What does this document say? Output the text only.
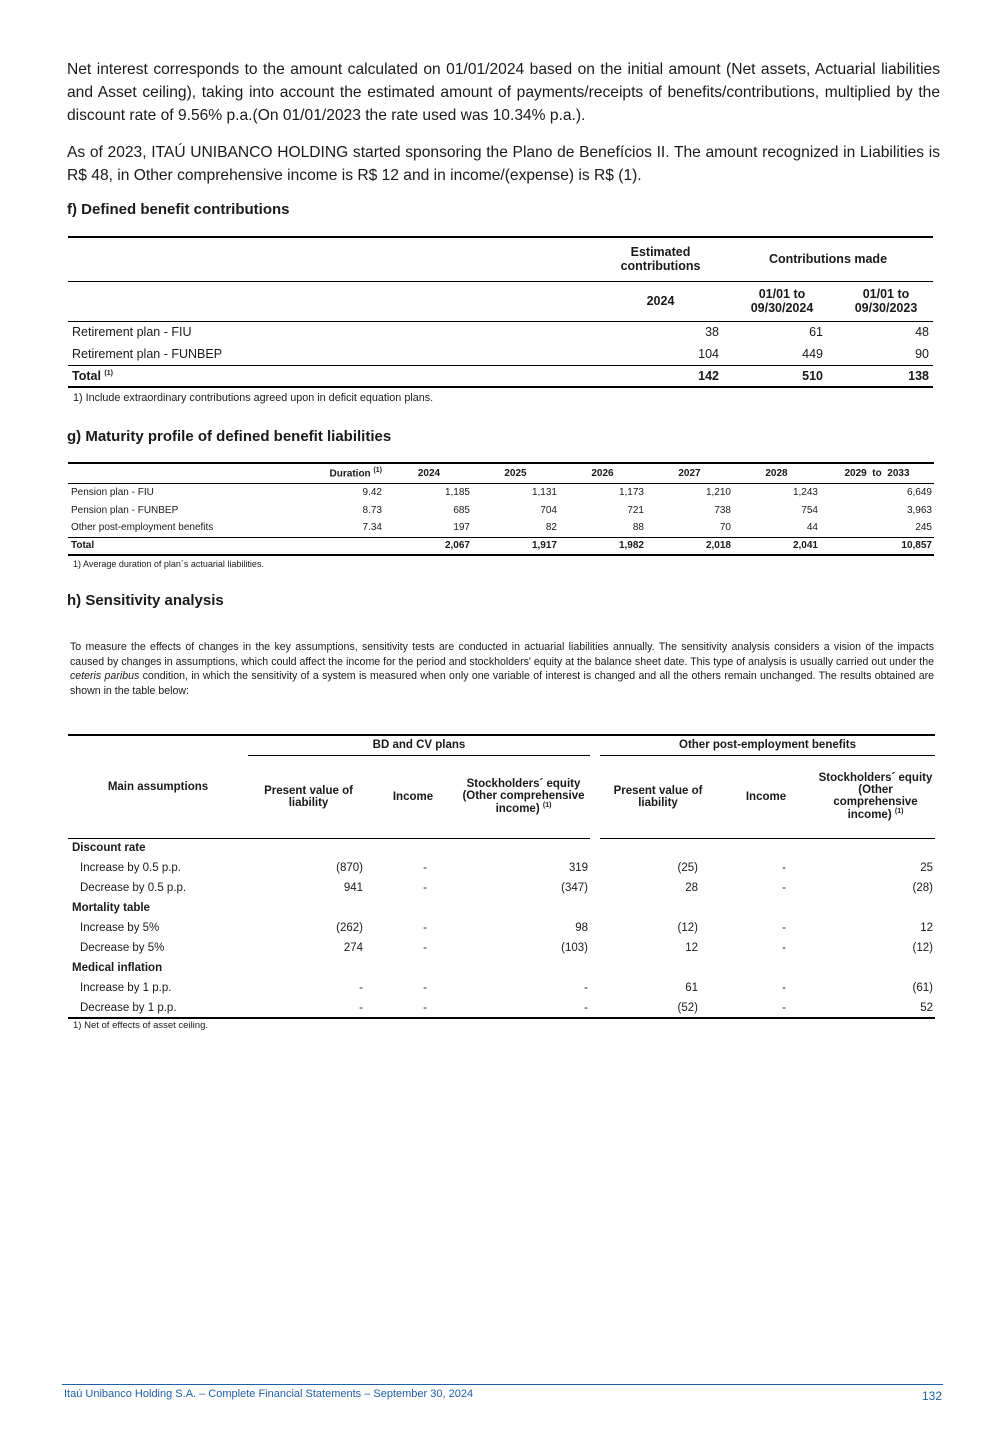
Net interest corresponds to the amount calculated on 01/01/2024 based on the initial amount (Net assets, Actuarial liabilities and Asset ceiling), taking into account the estimated amount of payments/receipts of benefits/contributions, multiplied by the discount rate of 9.56% p.a.(On 01/01/2023 the rate used was 10.34% p.a.).

As of 2023, ITAÚ UNIBANCO HOLDING started sponsoring the Plano de Benefícios II. The amount recognized in Liabilities is R$ 48, in Other comprehensive income is R$ 12 and in income/(expense) is R$ (1).

f) Defined benefit contributions
	Estimated contributions	Contributions made	
	2024	01/01 to 09/30/2024	01/01 to 09/30/2023
Retirement plan - FIU	38	61	48
Retirement plan - FUNBEP	104	449	90
Total $^{(1)}$	142	510	138
1) Include extraordinary contributions agreed upon in deficit equation plans.
g) Maturity profile of defined benefit liabilities
	Duration $^{(1)}$	2024	2025	2026	2027	2028	2029  to  2033
Pension plan - FIU	9.42	1,185	1,131	1,173	1,210	1,243	6,649
Pension plan - FUNBEP	8.73	685	704	721	738	754	3,963
Other post-employment benefits	7.34	197	82	88	70	44	245
Total		2,067	1,917	1,982	2,018	2,041	10,857
1) Average duration of plan´s actuarial liabilities.
h) Sensitivity analysis

To measure the effects of changes in the key assumptions, sensitivity tests are conducted in actuarial liabilities annually. The sensitivity analysis considers a vision of the impacts caused by changes in assumptions, which could affect the income for the period and stockholders' equity at the balance sheet date. This type of analysis is usually carried out under the ceteris paribus condition, in which the sensitivity of a system is measured when only one variable of interest is changed and all the others remain unchanged. The results obtained are shown in the table below:

Main assumptions	BD and CV plans				Other post-employment benefits		
	Present value of liability	Income	Stockholders´ equity (Other comprehensive income) $^{(1)}$		Present value of liability	Income	Stockholders´ equity (Other comprehensive income) $^{(1)}$
Discount rate							
Increase by 0.5 p.p.	(870)	-	319		(25)	-	25
Decrease by 0.5 p.p.	941	-	(347)		28	-	(28)
Mortality table							
Increase by 5%	(262)	-	98		(12)	-	12
Decrease by 5%	274	-	(103)		12	-	(12)
Medical inflation							
Increase by 1 p.p.	-	-	-		61	-	(61)
Decrease by 1 p.p.	-	-	-		(52)	-	52
1) Net of effects of asset ceiling.
Itaú Unibanco Holding S.A. – Complete Financial Statements – September 30, 2024	132
